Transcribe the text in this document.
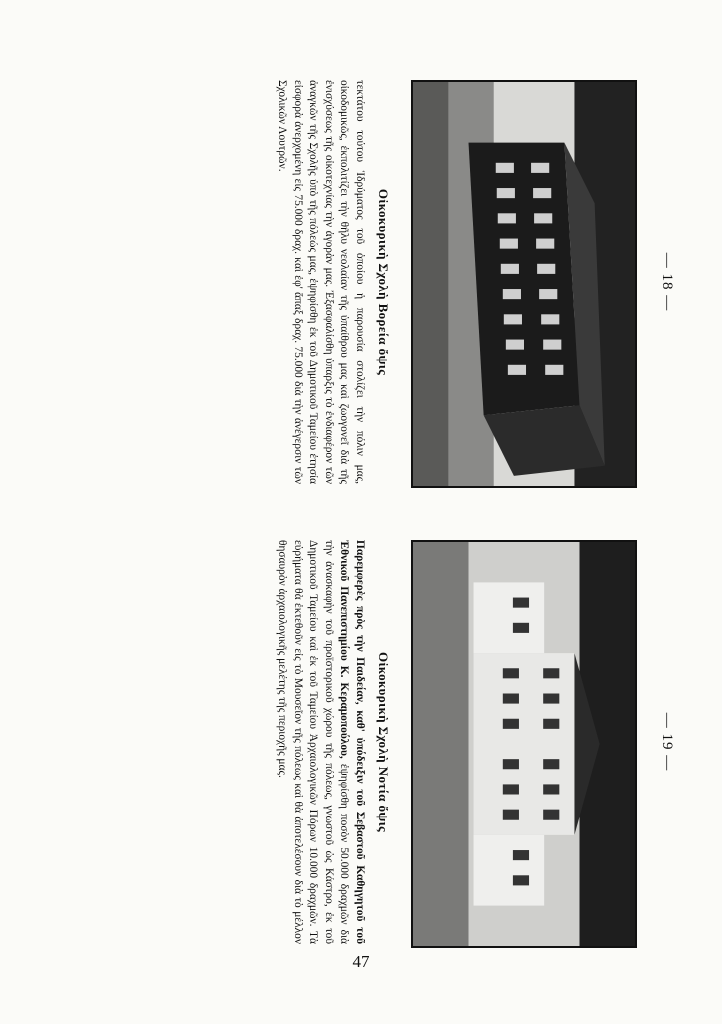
— 18 —
Οἰκοκυρικὴ Σχολὴ Βορεία ὄψις
τεκτάτου τούτου Ἱδρύματος τοῦ ὁποίου ἡ παρουσία στολίζει τὴν πόλιν μας, οἰκοδομικῶς, ἐκπολιτίζει τὴν θῆλυ νεολαίαν τῆς ὑπαίθρου μας καὶ ζωογονεῖ διὰ τῆς ἐνισχύσεως τῆς οἰκοτεχνίας τὴν ἀγορὰν μας. Ἐξασφαλίσθη ὑπαρξις τὸ ἐνδιαφέρον τῶν ἀναγκῶν τῆς Σχολῆς ὑπὸ τῆς πόλεώς μας, ἐψηφίσθη ἐκ τοῦ Δημοτικοῦ Ταμείου ἐτησία εἰσφορὰ ἀνερχομένη εἰς 75.000 δραχ. καὶ ἐφ' ἅπαξ δραχ. 75.000 διὰ τὴν ἀνέγερσιν τῶν Σχολικῶν Λουτρῶν.
— 19 —
Οἰκοκυρικὴ Σχολὴ Νοτία ὄψις
Παρεμφερὲς πρὸς τὴν Παιδείαν, καθ' ὑπόδειξιν τοῦ Σεβαστοῦ Καθηγητοῦ τοῦ Ἐθνικοῦ Πανεπιστημίου Κ. Κεραμοπούλου, ἐψηφίσθη ποσὸν 50.000 δραχμῶν διὰ τὴν ἀνασκαφὴν τοῦ προϊστορικοῦ χώρου τῆς πόλεως, γνωστοῦ ὡς Κάστρο, ἐκ τοῦ Δημοτικοῦ Ταμείου καὶ ἐκ τοῦ Ταμείου Ἀρχαιολογικῶν Πόρων 10.000 δραχμῶν. Τὰ εὑρήματα θὰ ἐκτεθοῦν εἰς τὸ Μουσεῖον τῆς πόλεως καὶ θὰ ἀποτελέσουν διὰ τὸ μέλλον θησαυρὸν ἀρχαιολογικῆς μελέτης τῆς περιοχῆς μας.
47
